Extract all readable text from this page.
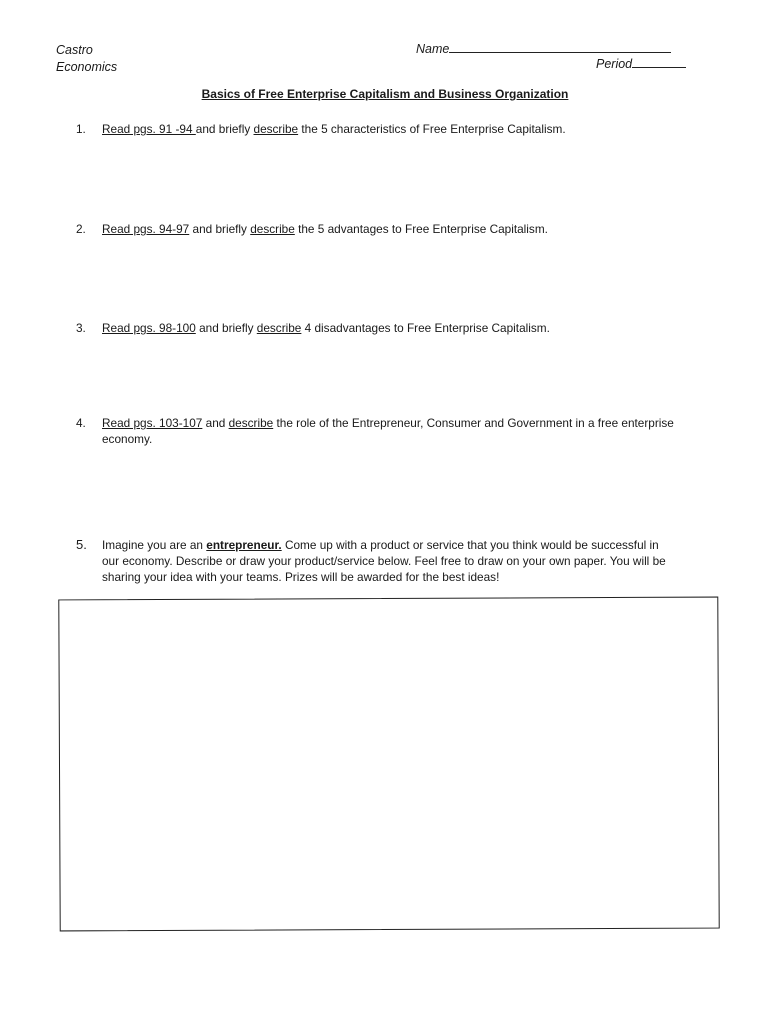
Castro
Economics
Name
Period
Basics of Free Enterprise Capitalism and Business Organization
1. Read pgs. 91 -94 and briefly describe the 5 characteristics of Free Enterprise Capitalism.
2. Read pgs. 94-97 and briefly describe the 5 advantages to Free Enterprise Capitalism.
3. Read pgs. 98-100 and briefly describe 4 disadvantages to Free Enterprise Capitalism.
4. Read pgs. 103-107 and describe the role of the Entrepreneur, Consumer and Government in a free enterprise
economy.
5. Imagine you are an entrepreneur. Come up with a product or service that you think would be successful in
our economy. Describe or draw your product/service below. Feel free to draw on your own paper. You will be
sharing your idea with your teams. Prizes will be awarded for the best ideas!
